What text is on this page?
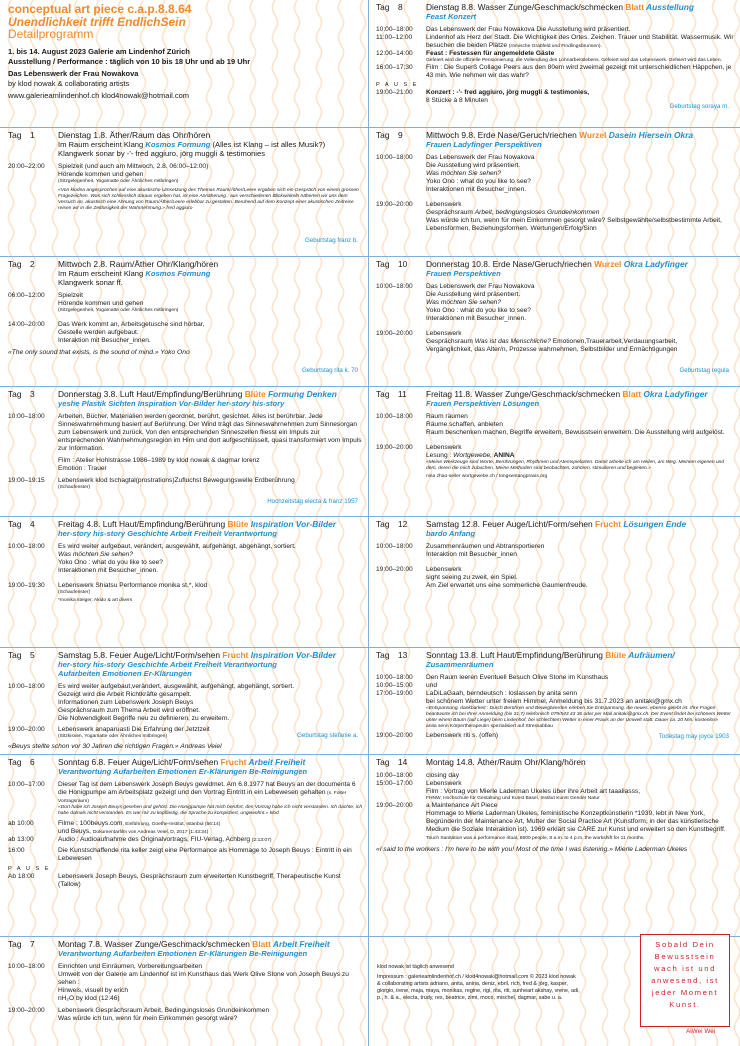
conceptual art piece c.a.p.8.8.64
Unendlichkeit trifft EndlichSein
Detailprogramm
1. bis 14. August 2023 Galerie am Lindenhof Zürich
Ausstellung / Performance : täglich von 10 bis 18 Uhr und ab 19 Uhr
Das Lebenswerk der Frau Nowakova
by klod nowak & collaborating artists
www.galerieamlindenhof.ch klod4nowak@hotmail.com
Tag 1	Dienstag 1.8. Äther/Raum das Ohr/hören
Im Raum erscheint Klang Kosmos Formung (Alles ist Klang – ist alles Musik?)
Klangwerk sonar by -'- fred aggiuro, jörg muggli & testimonies
20:00–22:00	Spielzeit (und auch am Mittwoch, 2.8. 06:00–12:00)
Hörende kommen und gehen
(Sitzgelegenheit, Yogamatte oder Ähnliches mitbringen)
«Von klodna angesprochen auf eine akustische Umsetzung des Themas Raum/Äther/Leere ergaben sich ein Gespräch von einem grossen Fragezeichen. Was sich schliesslich daraus ergeben hat, ist eine Annäherung : aus verschiedenen Blickwinkeln näherten wir uns dem Versuch an, akustisch eine Ahnung von Raum/Äther/Leere erlebbar zu gestalten. Beruhend auf dem Konzept einer akustischen Zeitreise reisen wir in die Zeitlosigkeit der Wahrnehmung.» fred aggiuro
Geburtstag franz b.
Tag 2	Mittwoch 2.8. Raum/Äther Ohr/Klang/hören
Im Raum erscheint Klang Kosmos Formung
Klangwerk sonar ff.
06:00–12:00	Spielzeit
Hörende kommen und gehen
(Sitzgelegenheit, Yogamatte oder Ähnliches mitbringen)
14:00–20:00	Das Werk kommt an, Arbeitsgetusche sind hörbar,
Gestelle werden aufgebaut.
Interaktion mit Besucher_innen.
«The only sound that exists, is the sound of mind.» Yoko Ono
Geburtstag rita k. 70
Tag 3	Donnerstag 3.8. Luft Haut/Empfindung/Berührung Blüte Formung Denken
yeshe Plastik Sichten Inspiration Vor-Bilder her-story his-story
10:00–18:00	Arbeiten, Bücher, Materialien werden geordnet, berührt, gesichtet. Alles ist berührbar. Jede Sinneswahrnehmung basiert auf Berührung. Der Wind trägt das Sinneswahrnehmen zum Sinnesorgan zum Lebenswerk und zurück. Von den entsprechenden Sinneszellen fliesst ein Impuls zur entsprechenden Wahrnehmungsregion im Hirn und dort aufgeschlüsselt, quasi transformiert vom Impuls zur Information.
Film : Atelier Hohlstrasse 1986–1989 by klod nowak & dagmar lorenz
Emotion : Trauer
19:00–19:15	Lebenswerk klod tschagtal(prostrations)Zufluchst Bewegungswelle Erdberührung
(Schaufenster)
Hochzeitstag electa & franz 1957
Tag 4	Freitag 4.8. Luft Haut/Empfindung/Berührung Blüte Inspiration Vor-Bilder
her-story his-story Geschichte Arbeit Freiheit Verantwortung
10:00–18:00	Es wird weiter aufgebaut, verändert, ausgewählt, aufgehängt, abgehängt, sortiert.
Was möchten Sie sehen?
Yoko Ono : what do you like to see?
Interaktionen mit Besucher_innen.
19:00–19:30	Lebenswerk Shiatsu Performance monika st.*, klod
(Schaufenster)
*monika steiger, Akido & art divers
Tag 5	Samstag 5.8. Feuer Auge/Licht/Form/sehen Frucht Inspiration Vor-Bilder
her-story his-story Geschichte Arbeit Freiheit Verantwortung
Aufarbeiten Emotionen Er-Klärungen
10:00–18:00	Es wird weiter aufgebaut,verändert, ausgewählt, aufgehängt, abgehängt, sortiert.
Gezeigt wird die Arbeit Richtkräfte gesampelt.
Informationen zum Lebenswerk Joseph Beuys
Gesprächsraum zum Thema Arbeit wird eröffnet.
Die Notwendigkeit Begriffe neu zu definieren, zu erweitern.
19:00–20:00	Lebenswerk anaparuasti Die Erfahrung der Jetztzeit
(Sitzkissen, Yogamatte oder Ähnliches mitbringen)
«Beuys stellte schon vor 30 Jahren die richtigen Fragen.» Andreas Veiel
Geburtstag stefanie a.
Tag 6	Sonntag 6.8. Feuer Auge/Licht/Form/sehen Frucht Arbeit Freiheit
Verantwortung Aufarbeiten Emotionen Er-Klärungen Be-Reinigungen
10:00–17:00	Dieser Tag ist dem Lebenswerk Joseph Beuys gewidmet. Am 6.8.1977 hat Beuys an der documenta 6 die Honigpumpe am Arbeitsplatz gezeigt und den Vortrag Eintritt in ein Lebewesen gehalten (s. Folter Vortragsraum)
«Dort habe ich Joseph Beuys gesehen und gehört. Die Honigpumpe hat mich berührt, den Vortrag habe ich nicht verstanden. Ich dachte, ich habe damals nicht verstanden. Es war mir zu kopflastig, die Sprache zu kompliziert, ungewohnt.» klod
ab 10:00	Filme : 100beuys.com, Einführung, Goethe-Institut, Istanbul (56:14)
und Beuys, Dokumentarfilm von Andreas Veiel, D, 2017 (1:43:34)
ab 13:00	Audio : Audioaufnahme des Originalvortrags, FIU-Verlag, Achberg (2:13:07)
16:00	Die Kunstschaffende rita keller zeigt eine Performance als Hommage to Joseph Beuys : Eintritt in ein Lebewesen
P A U S E
Ab 18:00	Lebenswerk Joseph Beuys, Gesprächsraum zum erweiterten Kunstbegriff, Therapeutische Kunst (Tallow)
Tag 7	Montag 7.8. Wasser Zunge/Geschmack/schmecken Blatt Arbeit Freiheit
Verantwortung Aufarbeiten Emotionen Er-Klärungen Be-Reinigungen
10:00–18:00	Einrichten und Einräumen, Vorbereitungsarbeiten
Umwelt von der Galerie am Lindenhof ist im Kunsthaus das Werk Olive Stone von Joseph Beuys zu sehen :
Hinweis, visuell by erich
nH₂O by klod (12:46)
19:00–20:00	Lebenswerk Gesprächsraum Arbeit, Bedingungsloses Grundeinkommen
Was würde ich tun, wenn für mein Einkommen gesorgt wäre?
Tag 8	Dienstag 8.8. Wasser Zunge/Geschmack/schmecken Blatt Ausstellung
Feast Konzert
10:00–18:00	Das Lebenswerk der Frau Nowakova Die Ausstellung wird präsentiert.
11:00–12:00	Lindenhof als Herz der Stadt. Die Wichtigkeit des Ortes. Zeichen. Trauer und Stabilität. Wassermusik. Wir besuchen die beiden Plätze (römische Grabfeld und Findlingsbrunnen).
12:00–14:00	Feast : Festessen für angemeldete Gäste
Gefeiert wird die offizielle Pensionierung, die Vollendung des Lohnarbeitslebens. Gefeiert wird das Lebenswerk. Gefeiert wird das Leben.
16:00–17:30	Film : Die Superß Collage Peers aus den 80em wird zweimal gezeigt mit unterschiedlichen Häppchen, je 43 min. Wie nehmen wir das wahr?
P A U S E
19:00–21:00	Konzert : -'- fred aggiuro, jörg muggli & testimonies,
8 Stücke à 8 Minuten
Geburtstag soraya m.
Tag 9	Mittwoch 9.8. Erde Nase/Geruch/riechen Wurzel Dasein Hiersein Okra
Frauen Ladyfinger Perspektiven
10:00–18:00	Das Lebenswerk der Frau Nowakova
Die Ausstellung wird präsentiert.
Was möchten Sie sehen?
Yoko Ono : what do you like to see?
Interaktionen mit Besucher_innen.
19:00–20:00	Lebenswerk
Gesprächsraum Arbeit, bedingungsloses Grundeinkommen
Was würde ich tun, wenn für mein Einkommen gesorgt wäre? Selbstgewählte/selbstbestimmte Arbeit, Lebensformen, Beziehungsformen. Wertungen/Erfolg/Sinn
Tag 10 Donnerstag 10.8. Erde Nase/Geruch/riechen Wurzel Okra Ladyfinger
Frauen Perspektiven
10:00–18:00	Das Lebenswerk der Frau Nowakova
Die Ausstellung wird präsentiert.
Was möchten Sie sehen?
Yoko Ono : what do you like to see?
Interaktionen mit Besucher_innen.
19:00–20:00	Lebenswerk
Gesprächsraum Was ist das Menschliche? Emotionen,Trauerarbeit,Verdauungsarbeit,
Vergänglichkeit, das Alter/n, Prozesse wahrnehmen, Selbstbilder und Ermächtigungen
Geburtstag regula
Tag 11 Freitag 11.8. Wasser Zunge/Geschmack/schmecken Blatt Okra Ladyfinger
Frauen Perspektiven Lösungen
10:00–18:00	Raum räumen
Räume schaffen, anbieten
Raum beschenken machen, Begriffe erweitern, Bewusstsein erweitern. Die Ausstellung wird aufgelöst.
19:00–20:00	Lebenswerk
Lesung : Wortgewebe, ANINA
«Meine Werkzeuge sind Worte, Berührungen, Rhythmen und Atemspielarten. Damit arbeite ich am Heilen, am Weg. Meinem eigenen und dem, deren die mich zubuchen. Meine Methoden sind beobachten, zuhören, stimulieren und begleiten.»
nina zhao-seiler wortgewebe.ch / tongsentangpraxis.org
Tag 12 Samstag 12.8. Feuer Auge/Licht/Form/sehen Frucht Lösungen Ende
bardo Anfang
10:00–18:00	Zusammenräumen und Abtransportieren
Interaktion mit Besucher_innen
19:00–20:00	Lebenswerk
sight seeing zu zweit, ein Spiel.
Am Ziel erwartet uns eine sommerliche Gaumenfreude.
Tag 13 Sonntag 13.8. Luft Haut/Empfindung/Berührung Blüte Aufräumen/
Zusammenräumen
10:00–18:00	Den Raum leeren Eventuell Besuch Olive Stone im Kunsthaus
10:00–15:00	und
17:00–19:00	LaDiLaGaah, berndeutsch : loslassen by anita senn
bei schönem Wetter unter freiem Himmel, Anmeldung bis 31.7.2023 an anitaki@gmx.ch
«Entspannung, dankbarkeit : Durch Berühren und Bewegtwerden erleben Sie Entspannung, die neues, ebenso gelebt ist. Ihre Fragen beantworte ich bei Ihrer Anmeldung (bis 31.7) telefonisch 079/543 43 36 oder per Mail anitaki@gmx.ch. Der Event findet bei schönem Wetter unter einem Baum (auf Liege) beim Lindenhof, bei schlechtem Wetter in einer Praxis an der Umwelt statt. Dauer ca. 20 Min. kostenlos»
anita senn Körpertherapeutin spezialisiert auf Stressabbau
19:00–20:00	Lebenswerk riti s. (offen)	Todestag may joyce 1903
Tag 14 Montag 14.8. Äther/Raum Ohr/Klang/hören
10:00–18:00	closing day
15:00–17:00	Lebenswerk
Film : Vortrag von Mierle Laderman Ukeles über ihre Arbeit art taaaliasss,
FHNW, Hochschule für Gestaltung und Kunst Basel, Institut Kunst Gender Natur
19:00–20:00	a Maintenance Art Piece
Hommage to Mierle Laderman Ukeles, feministische Konzeptkünstlerin *1939, lebt in New York, Begründerin der Maintenance Art, Mutter der Social Practice Art (Kunstform, in der das künstlerische Medium die Soziale Interaktion ist). 1969 erklärt sie CARE zur Kunst und erweitert so den Kunstbegriff. Touch Sanitation was a performance ritual, 8500 people, 8 a.m. to 4 p.m. the workshift for 11 months.
«I said to the workers : I'm here to be with you! Most of the time I was listening.» Mierle Laderman Ukeles
klod nowak ist täglich anwesend
Impressum : galerieamlindenhof.ch / klod4nowak@hotmail.com © 2023 klod nowak
& collaborating artists adriano, anita, anina, deniz, ebril, rich, fred & jörg, kasper,
giorgio, irene, maja, maya, monikas, regine, rigi, rita, riti, sunheart akshay, vrene, adi,
p., h. & a., electa, trudy, res, beatrice, zimi, moco, mischel, dagmar, sabe u. a.

Sobald Dein Bewusstsein wach ist und anwesend, ist jeder Moment Kunst.

AiWei Wei
